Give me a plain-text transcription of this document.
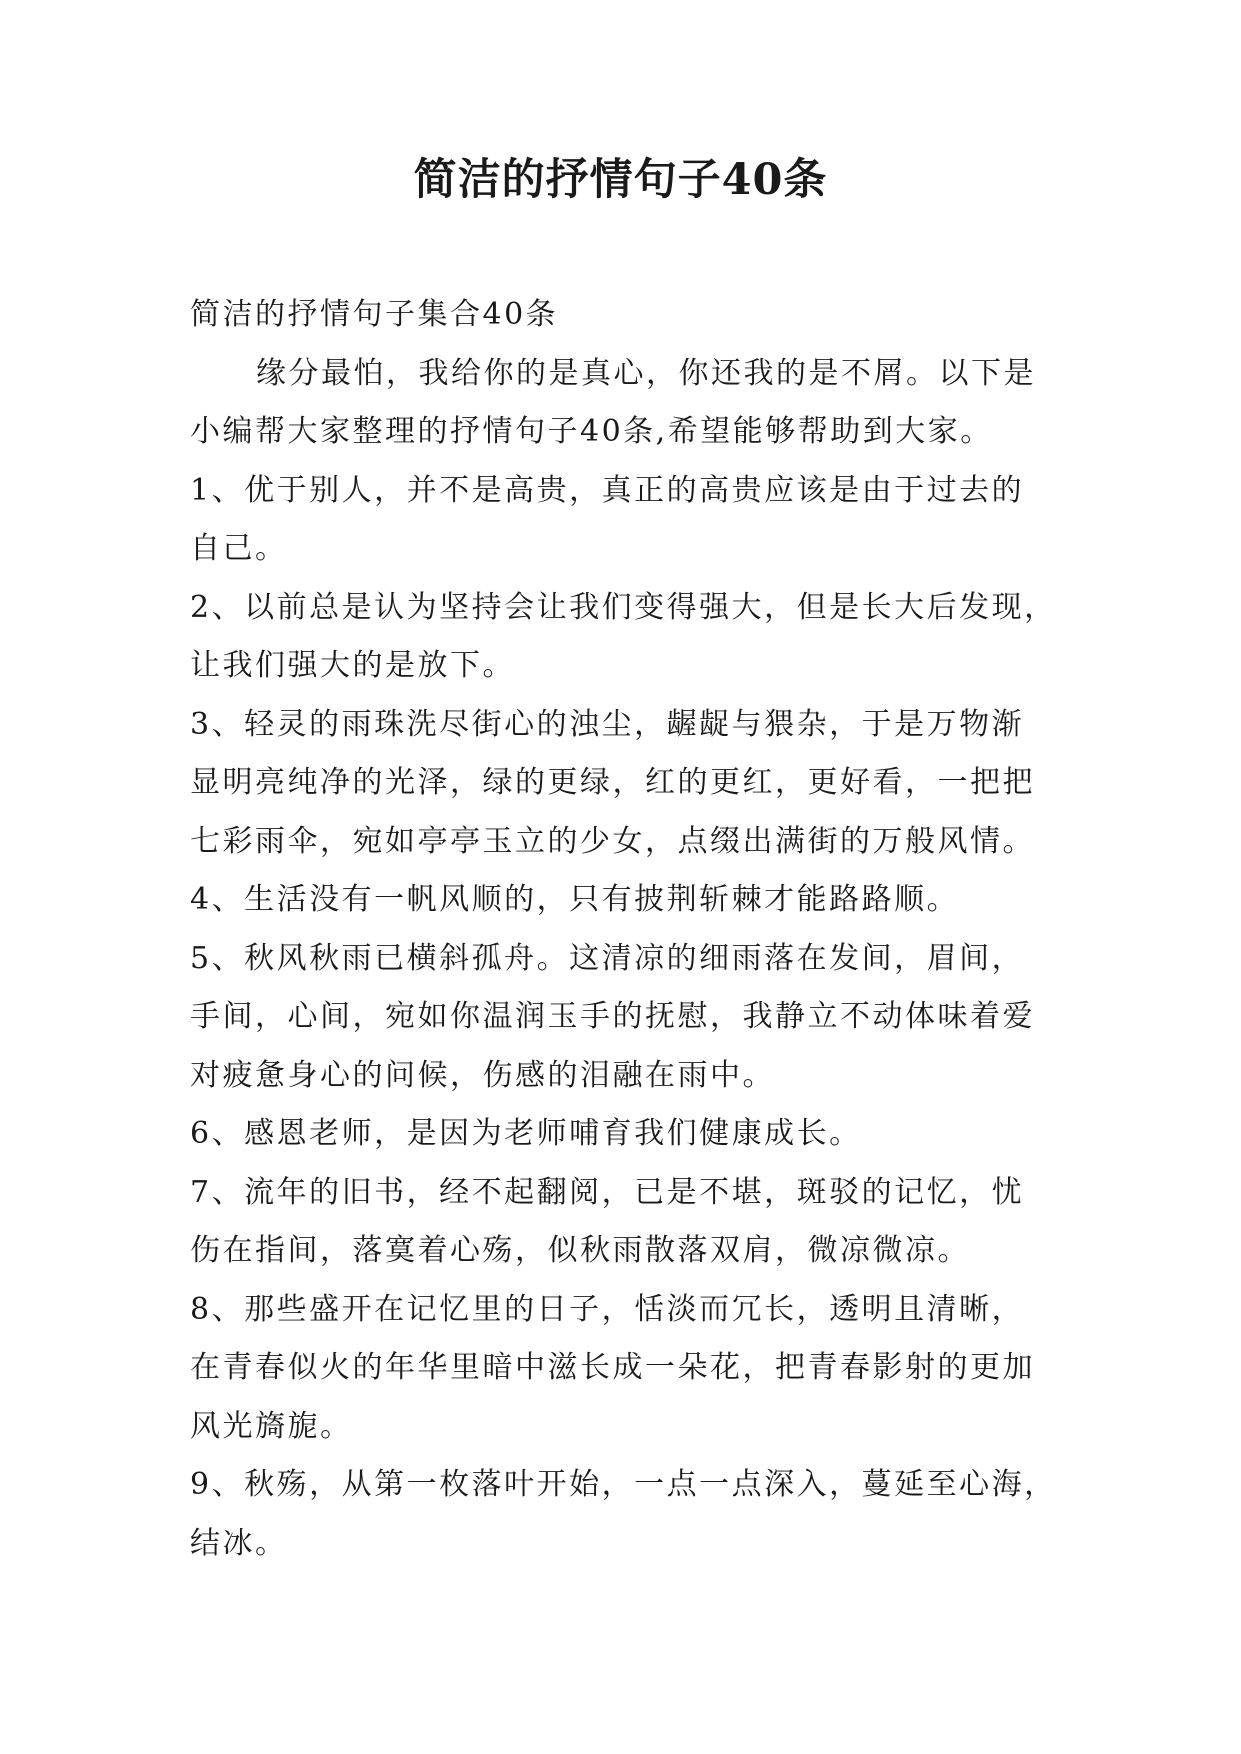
简洁的抒情句子40条
简洁的抒情句子集合40条
缘分最怕，我给你的是真心，你还我的是不屑。以下是
小编帮大家整理的抒情句子40条,希望能够帮助到大家。
1、优于别人，并不是高贵，真正的高贵应该是由于过去的
自己。
2、以前总是认为坚持会让我们变得强大，但是长大后发现，
让我们强大的是放下。
3、轻灵的雨珠洗尽街心的浊尘，龌龊与猥杂，于是万物渐
显明亮纯净的光泽，绿的更绿，红的更红，更好看，一把把
七彩雨伞，宛如亭亭玉立的少女，点缀出满街的万般风情。
4、生活没有一帆风顺的，只有披荆斩棘才能路路顺。
5、秋风秋雨已横斜孤舟。这清凉的细雨落在发间，眉间，
手间，心间，宛如你温润玉手的抚慰，我静立不动体味着爱
对疲惫身心的问候，伤感的泪融在雨中。
6、感恩老师，是因为老师哺育我们健康成长。
7、流年的旧书，经不起翻阅，已是不堪，斑驳的记忆，忧
伤在指间，落寞着心殇，似秋雨散落双肩，微凉微凉。
8、那些盛开在记忆里的日子，恬淡而冗长，透明且清晰，
在青春似火的年华里暗中滋长成一朵花，把青春影射的更加
风光旖旎。
9、秋殇，从第一枚落叶开始，一点一点深入，蔓延至心海，
结冰。
